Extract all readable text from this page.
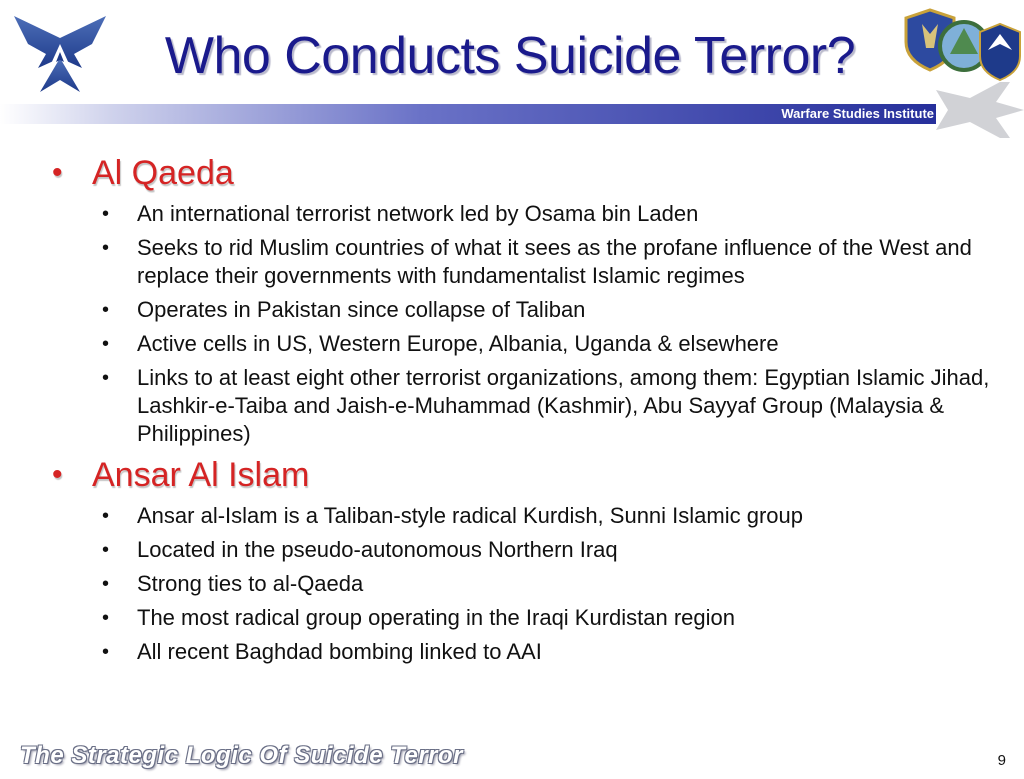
Who Conducts Suicide Terror?
Warfare Studies Institute
• Al Qaeda
• An international terrorist network led by Osama bin Laden
• Seeks to rid Muslim countries of what it sees as the profane influence of the West and replace their governments with fundamentalist Islamic regimes
• Operates in Pakistan since collapse of Taliban
• Active cells in US, Western Europe, Albania, Uganda & elsewhere
• Links to at least eight other terrorist organizations, among them: Egyptian Islamic Jihad, Lashkir-e-Taiba and Jaish-e-Muhammad (Kashmir), Abu Sayyaf Group (Malaysia & Philippines)
• Ansar Al Islam
• Ansar al-Islam is a Taliban-style radical Kurdish, Sunni Islamic group
• Located in the pseudo-autonomous Northern Iraq
• Strong ties to al-Qaeda
• The most radical group operating in the Iraqi Kurdistan region
• All recent Baghdad bombing linked to AAI
The Strategic Logic Of Suicide Terror	9
